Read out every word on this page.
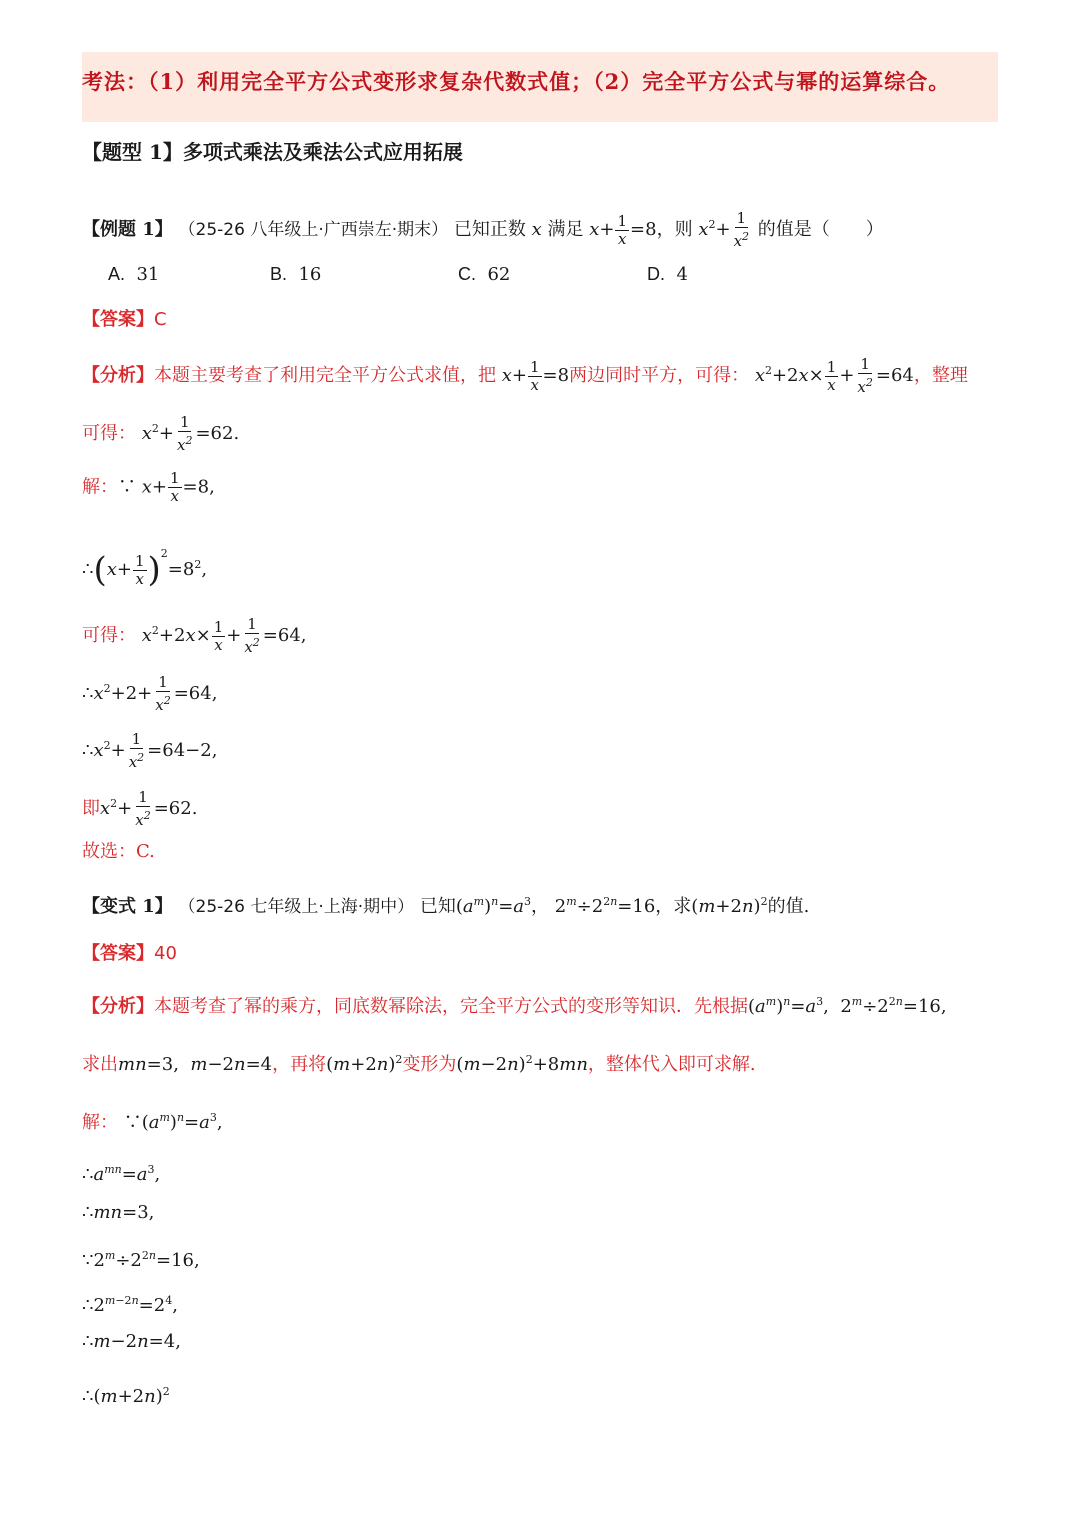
考法：（1）利用完全平方公式变形求复杂代数式值；（2）完全平方公式与幂的运算综合。
【题型 1】多项式乘法及乘法公式应用拓展
【例题 1】 （25-26 八年级上·广西崇左·期末） 已知正数 x 满足 $x+ \frac{1}{x} =8$，则 $x^2+ \frac{1}{x^2}$ 的值是（　　）
A. 31	B. 16	C. 62	D. 4
【答案】C
【分析】本题主要考查了利用完全平方公式求值，把 $x+ \frac{1}{x} =8$两边同时平方，可得： $x^2+2x\times \frac{1}{x} + \frac{1}{x^2} =64$，整理
可得： $x^2+ \frac{1}{x^2} =62$.
解：∵ $x+ \frac{1}{x} =8$,
∴(x+ $\frac{1}{x} )^2=8^2$,
可得： $x^2+2x\times \frac{1}{x} + \frac{1}{x^2} =64$,
$\therefore x^2+2+ \frac{1}{x^2} =64$,
$\therefore x^2+ \frac{1}{x^2} =64-2$,
即$x^2+ \frac{1}{x^2} =62$.
故选：C.
【变式 1】 （25-26 七年级上·上海·期中） 已知$(a^m)^n=a^3$， $2^m\div 2^{2n}=16$，求$(m+2n)^2$的值.
【答案】40
【分析】本题考查了幂的乘方，同底数幂除法，完全平方公式的变形等知识．先根据$(a^m)^n=a^3$,  $2^m\div 2^{2n}=16$,
求出mn=3,  m−2n=4，再将$(m+2n)^2$变形为$(m-2n)^2+8mn$，整体代入即可求解.
解： $\because(a^m)^n=a^3$,
$\therefore a^{mn}=a^3$,
∴mn=3,
$\because 2^m\div 2^{2n}=16$,
$\therefore 2^{m-2n}=2^4$,
∴m−2n=4,
$\therefore(m+2n)^2$
